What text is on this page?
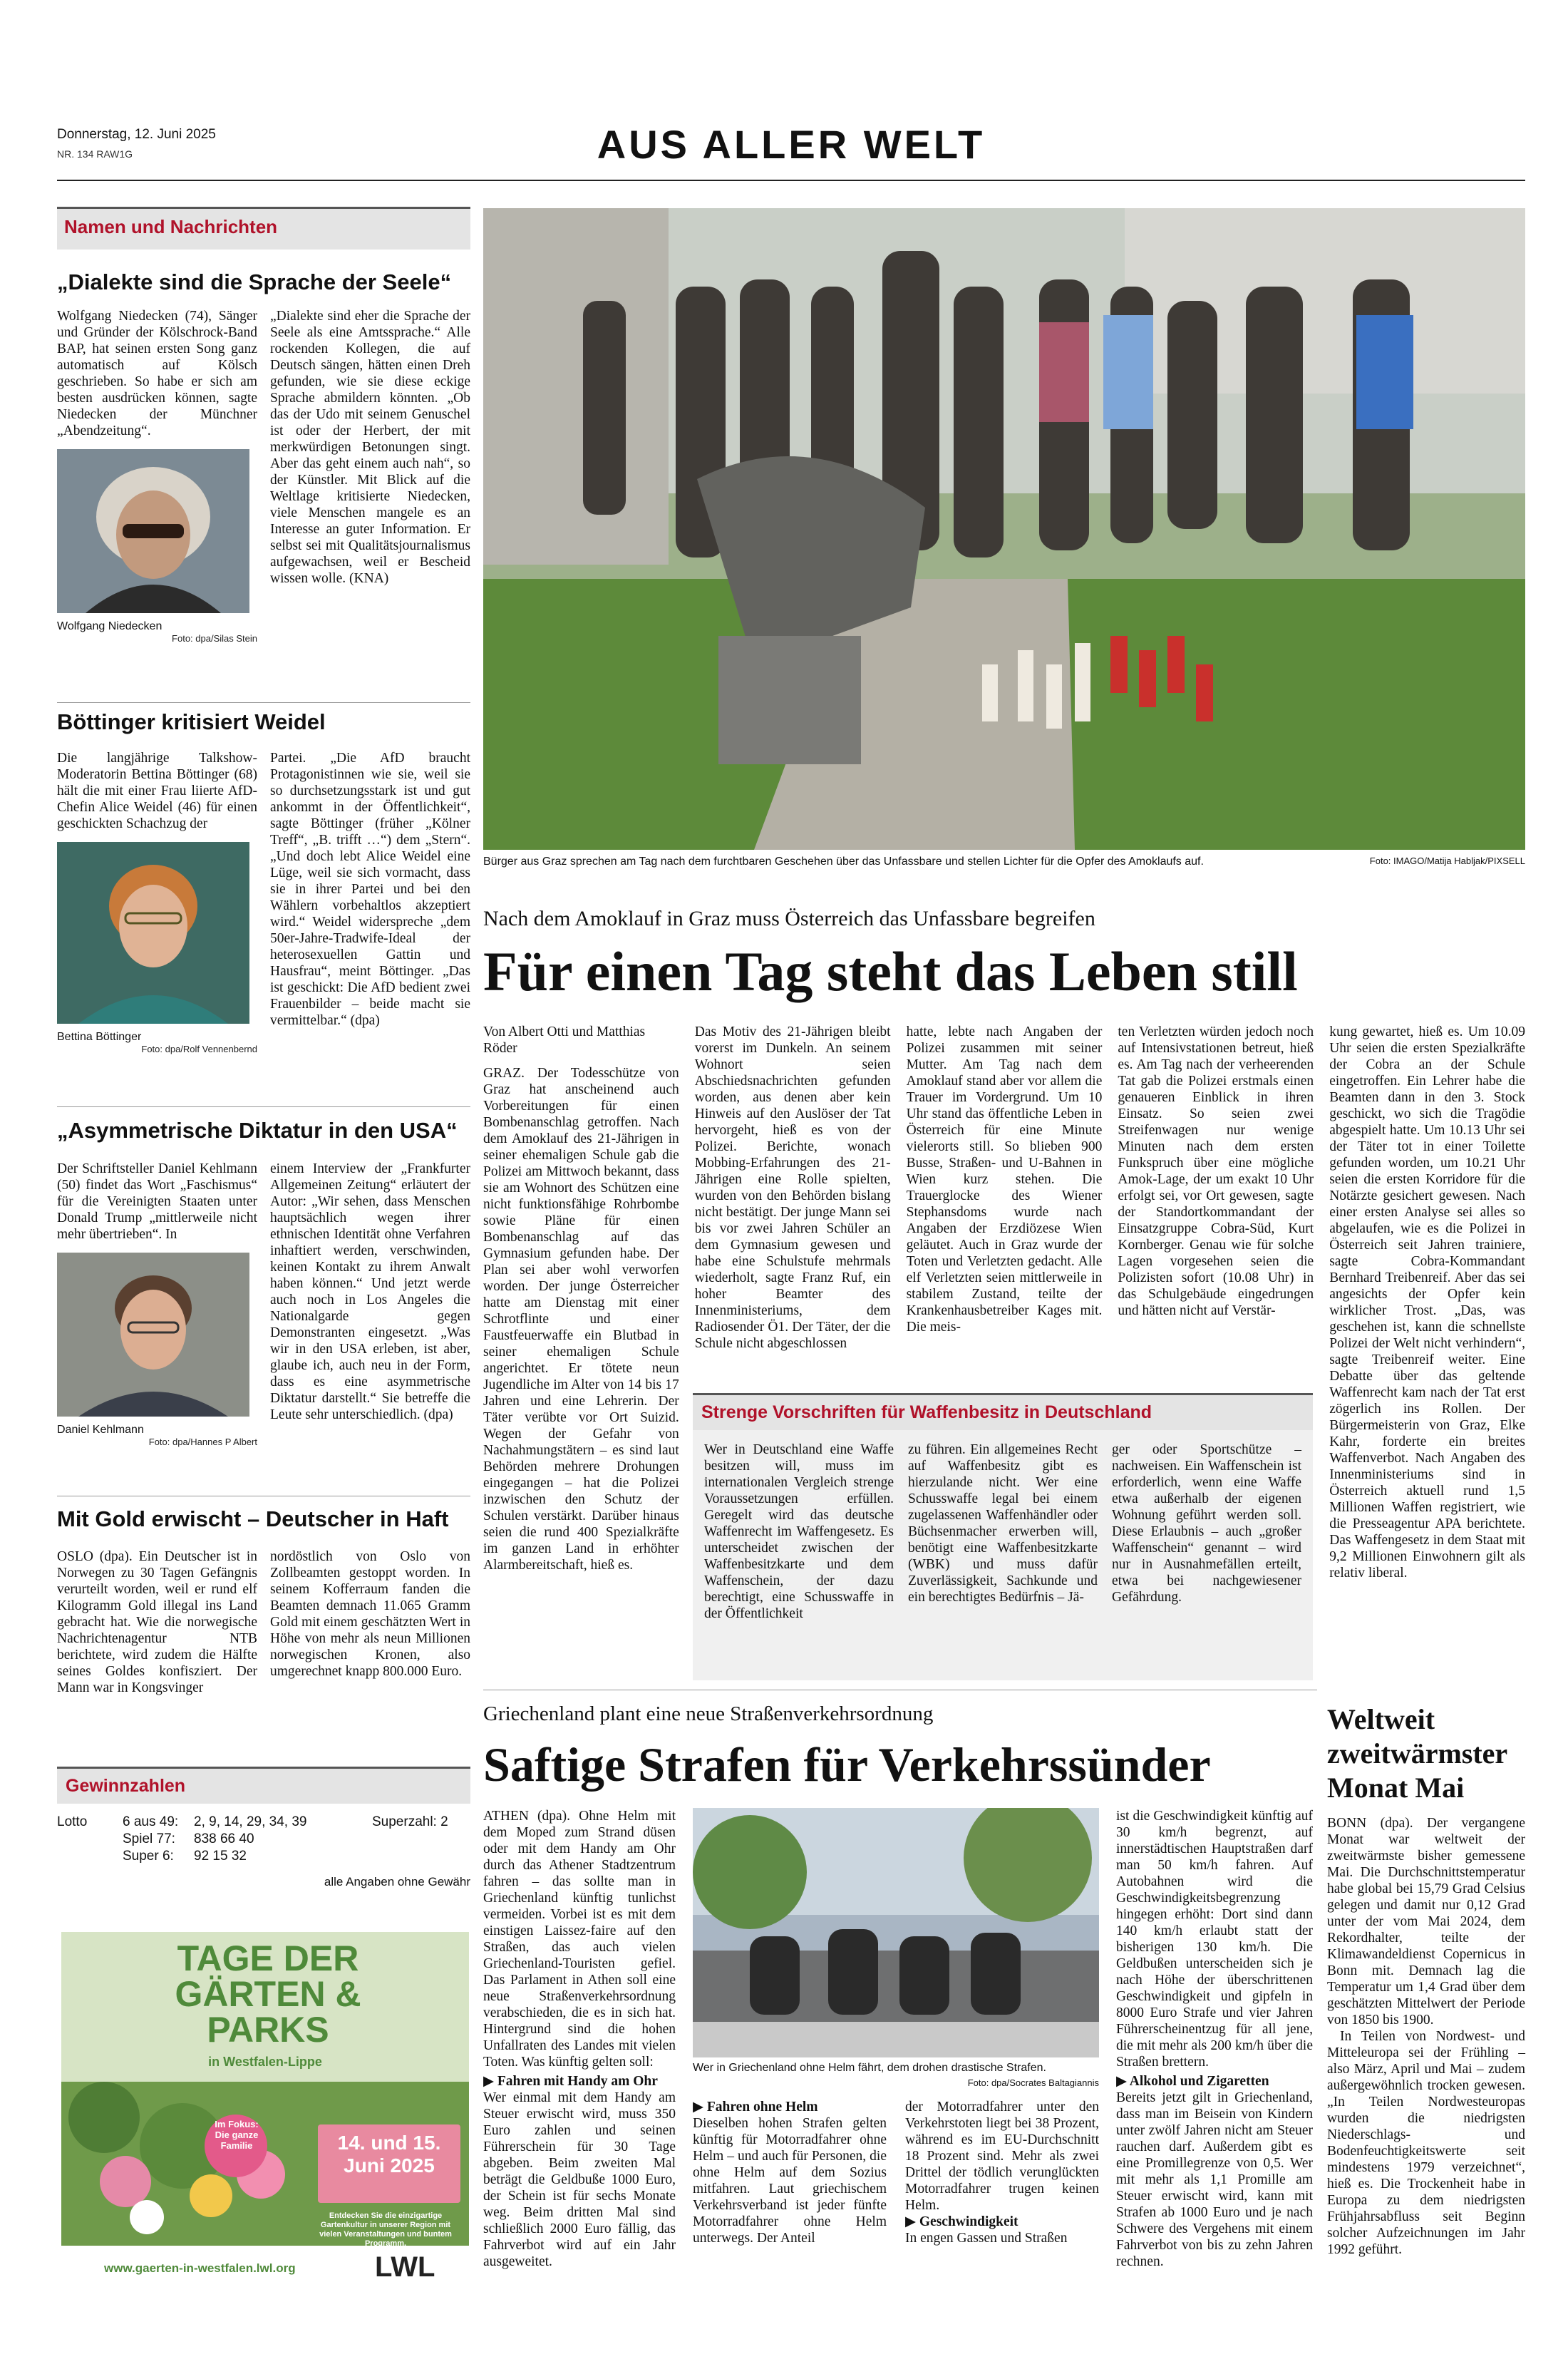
Donnerstag, 12. Juni 2025
NR. 134 RAW1G	AUS ALLER WELT
Namen und Nachrichten
„Dialekte sind die Sprache der Seele“
Wolfgang Niedecken (74), Sänger und Gründer der Kölschrock-Band BAP, hat seinen ersten Song ganz automatisch auf Kölsch geschrieben. So habe er sich am besten ausdrücken können, sagte Niedecken der Münchner „Abendzeitung“.
Wolfgang Niedecken
Foto: dpa/Silas Stein
„Dialekte sind eher die Sprache der Seele als eine Amtssprache.“ Alle rockenden Kollegen, die auf Deutsch sängen, hätten einen Dreh gefunden, wie sie diese eckige Sprache abmildern könnten. „Ob das der Udo mit seinem Genuschel ist oder der Herbert, der mit merkwürdigen Betonungen singt. Aber das geht einem auch nah“, so der Künstler. Mit Blick auf die Weltlage kritisierte Niedecken, viele Menschen mangele es an Interesse an guter Information. Er selbst sei mit Qualitätsjournalismus aufgewachsen, weil er Bescheid wissen wolle. (KNA)
Böttinger kritisiert Weidel
Die langjährige Talkshow-Moderatorin Bettina Böttinger (68) hält die mit einer Frau liierte AfD-Chefin Alice Weidel (46) für einen geschickten Schachzug der
Bettina Böttinger
Foto: dpa/Rolf Vennenbernd
Partei. „Die AfD braucht Protagonistinnen wie sie, weil sie so durchsetzungsstark ist und gut ankommt in der Öffentlichkeit“, sagte Böttinger (früher „Kölner Treff“, „B. trifft …“) dem „Stern“. „Und doch lebt Alice Weidel eine Lüge, weil sie sich vormacht, dass sie in ihrer Partei und bei den Wählern vorbehaltlos akzeptiert wird.“ Weidel widerspreche „dem 50er-Jahre-Tradwife-Ideal der heterosexuellen Gattin und Hausfrau“, meint Böttinger. „Das ist geschickt: Die AfD bedient zwei Frauenbilder – beide macht sie vermittelbar.“ (dpa)
„Asymmetrische Diktatur in den USA“
Der Schriftsteller Daniel Kehlmann (50) findet das Wort „Faschismus“ für die Vereinigten Staaten unter Donald Trump „mittlerweile nicht mehr übertrieben“. In
Daniel Kehlmann
Foto: dpa/Hannes P Albert
einem Interview der „Frankfurter Allgemeinen Zeitung“ erläutert der Autor: „Wir sehen, dass Menschen hauptsächlich wegen ihrer ethnischen Identität ohne Verfahren inhaftiert werden, verschwinden, keinen Kontakt zu ihrem Anwalt haben können.“ Und jetzt werde auch noch in Los Angeles die Nationalgarde gegen Demonstranten eingesetzt. „Was wir in den USA erleben, ist aber, glaube ich, auch neu in der Form, dass es eine asymmetrische Diktatur darstellt.“ Sie betreffe die Leute sehr unterschiedlich. (dpa)
Mit Gold erwischt – Deutscher in Haft
OSLO (dpa). Ein Deutscher ist in Norwegen zu 30 Tagen Gefängnis verurteilt worden, weil er rund elf Kilogramm Gold illegal ins Land gebracht hat. Wie die norwegische Nachrichtenagentur NTB berichtete, wird zudem die Hälfte seines Goldes konfisziert. Der Mann war in Kongsvinger
nordöstlich von Oslo von Zollbeamten gestoppt worden. In seinem Kofferraum fanden die Beamten demnach 11.065 Gramm Gold mit einem geschätzten Wert in Höhe von mehr als neun Millionen norwegischen Kronen, also umgerechnet knapp 800.000 Euro.
Gewinnzahlen
Lotto	6 aus 49:	2, 9, 14, 29, 34, 39	Superzahl: 2
Spiel 77:	838 66 40
Super 6:	92 15 32
alle Angaben ohne Gewähr
TAGE DER
GÄRTEN &
PARKS
in Westfalen-Lippe
Im Fokus:
Die ganze Familie	14. und 15. Juni 2025
Entdecken Sie die einzigartige Gartenkultur in unserer Region mit vielen Veranstaltungen und buntem Programm.
www.gaerten-in-westfalen.lwl.org	LWL
Bürger aus Graz sprechen am Tag nach dem furchtbaren Geschehen über das Unfassbare und stellen Lichter für die Opfer des Amoklaufs auf.	Foto: IMAGO/Matija Habljak/PIXSELL
Nach dem Amoklauf in Graz muss Österreich das Unfassbare begreifen
Für einen Tag steht das Leben still
Von Albert Otti und Matthias Röder
GRAZ. Der Todesschütze von Graz hat anscheinend auch Vorbereitungen für einen Bombenanschlag getroffen. Nach dem Amoklauf des 21-Jährigen in seiner ehemaligen Schule gab die Polizei am Mittwoch bekannt, dass sie am Wohnort des Schützen eine nicht funktionsfähige Rohrbombe sowie Pläne für einen Bombenanschlag auf das Gymnasium gefunden habe. Der Plan sei aber wohl verworfen worden. Der junge Österreicher hatte am Dienstag mit einer Schrotflinte und einer Faustfeuerwaffe ein Blutbad in seiner ehemaligen Schule angerichtet. Er tötete neun Jugendliche im Alter von 14 bis 17 Jahren und eine Lehrerin. Der Täter verübte vor Ort Suizid. Wegen der Gefahr von Nachahmungstätern – es sind laut Behörden mehrere Drohungen eingegangen – hat die Polizei inzwischen den Schutz der Schulen verstärkt. Darüber hinaus seien die rund 400 Spezialkräfte im ganzen Land in erhöhter Alarmbereitschaft, hieß es.
Das Motiv des 21-Jährigen bleibt vorerst im Dunkeln. An seinem Wohnort seien Abschiedsnachrichten gefunden worden, aus denen aber kein Hinweis auf den Auslöser der Tat hervorgeht, hieß es von der Polizei. Berichte, wonach Mobbing-Erfahrungen des 21-Jährigen eine Rolle spielten, wurden von den Behörden bislang nicht bestätigt. Der junge Mann sei bis vor zwei Jahren Schüler an dem Gymnasium gewesen und habe eine Schulstufe mehrmals wiederholt, sagte Franz Ruf, ein hoher Beamter des Innenministeriums, dem Radiosender Ö1. Der Täter, der die Schule nicht abgeschlossen
hatte, lebte nach Angaben der Polizei zusammen mit seiner Mutter. Am Tag nach dem Amoklauf stand aber vor allem die Trauer im Vordergrund. Um 10 Uhr stand das öffentliche Leben in Österreich für eine Minute vielerorts still. So blieben 900 Busse, Straßen- und U-Bahnen in Wien kurz stehen. Die Trauerglocke des Wiener Stephansdoms wurde nach Angaben der Erzdiözese Wien geläutet. Auch in Graz wurde der Toten und Verletzten gedacht. Alle elf Verletzten seien mittlerweile in stabilem Zustand, teilte der Krankenhausbetreiber Kages mit. Die meis-
ten Verletzten würden jedoch noch auf Intensivstationen betreut, hieß es. Am Tag nach der verheerenden Tat gab die Polizei erstmals einen genaueren Einblick in ihren Einsatz. So seien zwei Streifenwagen nur wenige Minuten nach dem ersten Funkspruch über eine mögliche Amok-Lage, der um exakt 10 Uhr erfolgt sei, vor Ort gewesen, sagte der Standortkommandant der Einsatzgruppe Cobra-Süd, Kurt Kornberger. Genau wie für solche Lagen vorgesehen seien die Polizisten sofort (10.08 Uhr) in das Schulgebäude eingedrungen und hätten nicht auf Verstär-
kung gewartet, hieß es. Um 10.09 Uhr seien die ersten Spezialkräfte der Cobra an der Schule eingetroffen. Ein Lehrer habe die Beamten dann in den 3. Stock geschickt, wo sich die Tragödie abgespielt hatte. Um 10.13 Uhr sei der Täter tot in einer Toilette gefunden worden, um 10.21 Uhr seien die ersten Korridore für die Notärzte gesichert gewesen. Nach einer ersten Analyse sei alles so abgelaufen, wie es die Polizei in Österreich seit Jahren trainiere, sagte Cobra-Kommandant Bernhard Treibenreif. Aber das sei angesichts der Opfer kein wirklicher Trost. „Das, was geschehen ist, kann die schnellste Polizei der Welt nicht verhindern“, sagte Treibenreif weiter. Eine Debatte über das geltende Waffenrecht kam nach der Tat erst zögerlich ins Rollen. Der Bürgermeisterin von Graz, Elke Kahr, forderte ein breites Waffenverbot. Nach Angaben des Innenministeriums sind in Österreich aktuell rund 1,5 Millionen Waffen registriert, wie die Presseagentur APA berichtete. Das Waffengesetz in dem Staat mit 9,2 Millionen Einwohnern gilt als relativ liberal.
Strenge Vorschriften für Waffenbesitz in Deutschland
Wer in Deutschland eine Waffe besitzen will, muss im internationalen Vergleich strenge Voraussetzungen erfüllen. Geregelt wird das deutsche Waffenrecht im Waffengesetz. Es unterscheidet zwischen der Waffenbesitzkarte und dem Waffenschein, der dazu berechtigt, eine Schusswaffe in der Öffentlichkeit
zu führen. Ein allgemeines Recht auf Waffenbesitz gibt es hierzulande nicht. Wer eine Schusswaffe legal bei einem zugelassenen Waffenhändler oder Büchsenmacher erwerben will, benötigt eine Waffenbesitzkarte (WBK) und muss dafür Zuverlässigkeit, Sachkunde und ein berechtigtes Bedürfnis – Jä-
ger oder Sportschütze – nachweisen. Ein Waffenschein ist erforderlich, wenn eine Waffe etwa außerhalb der eigenen Wohnung geführt werden soll. Diese Erlaubnis – auch „großer Waffenschein“ genannt – wird nur in Ausnahmefällen erteilt, etwa bei nachgewiesener Gefährdung.
Griechenland plant eine neue Straßenverkehrsordnung
Saftige Strafen für Verkehrssünder
ATHEN (dpa). Ohne Helm mit dem Moped zum Strand düsen oder mit dem Handy am Ohr durch das Athener Stadtzentrum fahren – das sollte man in Griechenland künftig tunlichst vermeiden. Vorbei ist es mit dem einstigen Laissez-faire auf den Straßen, das auch vielen Griechenland-Touristen gefiel. Das Parlament in Athen soll eine neue Straßenverkehrsordnung verabschieden, die es in sich hat. Hintergrund sind die hohen Unfallraten des Landes mit vielen Toten. Was künftig gelten soll:
▶ Fahren mit Handy am Ohr
Wer einmal mit dem Handy am Steuer erwischt wird, muss 350 Euro zahlen und seinen Führerschein für 30 Tage abgeben. Beim zweiten Mal beträgt die Geldbuße 1000 Euro, der Schein ist für sechs Monate weg. Beim dritten Mal sind schließlich 2000 Euro fällig, das Fahrverbot wird auf ein Jahr ausgeweitet.
Wer in Griechenland ohne Helm fährt, dem drohen drastische Strafen.
Foto: dpa/Socrates Baltagiannis
▶ Fahren ohne Helm
Dieselben hohen Strafen gelten künftig für Motorradfahrer ohne Helm – und auch für Personen, die ohne Helm auf dem Sozius mitfahren. Laut griechischem Verkehrsverband ist jeder fünfte Motorradfahrer ohne Helm unterwegs. Der Anteil
der Motorradfahrer unter den Verkehrstoten liegt bei 38 Prozent, während es im EU-Durchschnitt 18 Prozent sind. Mehr als zwei Drittel der tödlich verunglückten Motorradfahrer trugen keinen Helm.
▶ Geschwindigkeit
In engen Gassen und Straßen
ist die Geschwindigkeit künftig auf 30 km/h begrenzt, auf innerstädtischen Hauptstraßen darf man 50 km/h fahren. Auf Autobahnen wird die Geschwindigkeitsbegrenzung hingegen erhöht: Dort sind dann 140 km/h erlaubt statt der bisherigen 130 km/h. Die Geldbußen unterscheiden sich je nach Höhe der überschrittenen Geschwindigkeit und gipfeln in 8000 Euro Strafe und vier Jahren Führerscheinentzug für all jene, die mit mehr als 200 km/h über die Straßen brettern.
▶ Alkohol und Zigaretten
Bereits jetzt gilt in Griechenland, dass man im Beisein von Kindern unter zwölf Jahren nicht am Steuer rauchen darf. Außerdem gibt es eine Promillegrenze von 0,5. Wer mit mehr als 1,1 Promille am Steuer erwischt wird, kann mit Strafen ab 1000 Euro und je nach Schwere des Vergehens mit einem Fahrverbot von bis zu zehn Jahren rechnen.
Weltweit zweitwärmster Monat Mai
BONN (dpa). Der vergangene Monat war weltweit der zweitwärmste bisher gemessene Mai. Die Durchschnittstemperatur habe global bei 15,79 Grad Celsius gelegen und damit nur 0,12 Grad unter der vom Mai 2024, dem Rekordhalter, teilte der Klimawandeldienst Copernicus in Bonn mit. Demnach lag die Temperatur um 1,4 Grad über dem geschätzten Mittelwert der Periode von 1850 bis 1900.
In Teilen von Nordwest- und Mitteleuropa sei der Frühling – also März, April und Mai – zudem außergewöhnlich trocken gewesen. „In Teilen Nordwesteuropas wurden die niedrigsten Niederschlags- und Bodenfeuchtigkeitswerte seit mindestens 1979 verzeichnet“, hieß es. Die Trockenheit habe in Europa zu dem niedrigsten Frühjahrsabfluss seit Beginn solcher Aufzeichnungen im Jahr 1992 geführt.
